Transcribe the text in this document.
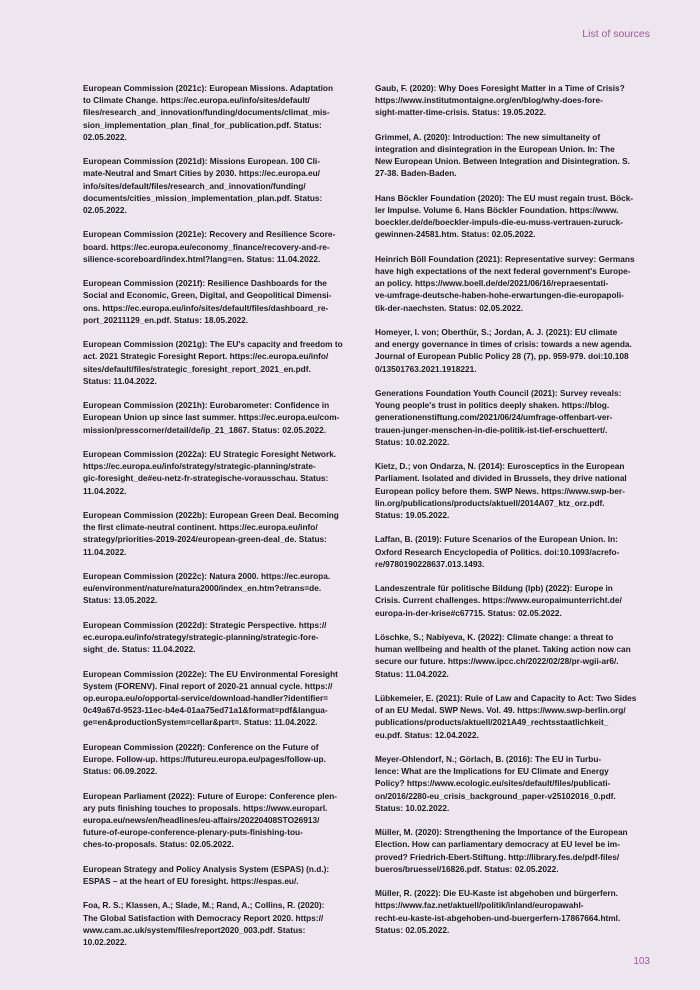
List of sources

European Commission (2021c): European Missions. Adaptation
to Climate Change. https://ec.europa.eu/info/sites/default/
files/research_and_innovation/funding/documents/climat_mis-
sion_implementation_plan_final_for_publication.pdf. Status:
02.05.2022.

European Commission (2021d): Missions European. 100 Cli-
mate-Neutral and Smart Cities by 2030. https://ec.europa.eu/
info/sites/default/files/research_and_innovation/funding/
documents/cities_mission_implementation_plan.pdf. Status:
02.05.2022.

European Commission (2021e): Recovery and Resilience Score-
board. https://ec.europa.eu/economy_finance/recovery-and-re-
silience-scoreboard/index.html?lang=en. Status: 11.04.2022.

European Commission (2021f): Resilience Dashboards for the
Social and Economic, Green, Digital, and Geopolitical Dimensi-
ons. https://ec.europa.eu/info/sites/default/files/dashboard_re-
port_20211129_en.pdf. Status: 18.05.2022.

European Commission (2021g): The EU's capacity and freedom to
act. 2021 Strategic Foresight Report. https://ec.europa.eu/info/
sites/default/files/strategic_foresight_report_2021_en.pdf.
Status: 11.04.2022.

European Commission (2021h): Eurobarometer: Confidence in
European Union up since last summer. https://ec.europa.eu/com-
mission/presscorner/detail/de/ip_21_1867. Status: 02.05.2022.

European Commission (2022a): EU Strategic Foresight Network.
https://ec.europa.eu/info/strategy/strategic-planning/strate-
gic-foresight_de#eu-netz-fr-strategische-vorausschau. Status:
11.04.2022.

European Commission (2022b): European Green Deal. Becoming
the first climate-neutral continent. https://ec.europa.eu/info/
strategy/priorities-2019-2024/european-green-deal_de. Status:
11.04.2022.

European Commission (2022c): Natura 2000. https://ec.europa.
eu/environment/nature/natura2000/index_en.htm?etrans=de.
Status: 13.05.2022.

European Commission (2022d): Strategic Perspective. https://
ec.europa.eu/info/strategy/strategic-planning/strategic-fore-
sight_de. Status: 11.04.2022.

European Commission (2022e): The EU Environmental Foresight
System (FORENV). Final report of 2020-21 annual cycle. https://
op.europa.eu/o/opportal-service/download-handler?identifier=
0c49a67d-9523-11ec-b4e4-01aa75ed71a1&format=pdf&langua-
ge=en&productionSystem=cellar&part=. Status: 11.04.2022.

European Commission (2022f): Conference on the Future of
Europe. Follow-up. https://futureu.europa.eu/pages/follow-up.
Status: 06.09.2022.

European Parliament (2022): Future of Europe: Conference plen-
ary puts finishing touches to proposals. https://www.europarl.
europa.eu/news/en/headlines/eu-affairs/20220408STO26913/
future-of-europe-conference-plenary-puts-finishing-tou-
ches-to-proposals. Status: 02.05.2022.

European Strategy and Policy Analysis System (ESPAS) (n.d.):
ESPAS – at the heart of EU foresight. https://espas.eu/.

Foa, R. S.; Klassen, A.; Slade, M.; Rand, A.; Collins, R. (2020):
The Global Satisfaction with Democracy Report 2020. https://
www.cam.ac.uk/system/files/report2020_003.pdf. Status:
10.02.2022.

Gaub, F. (2020): Why Does Foresight Matter in a Time of Crisis?
https://www.institutmontaigne.org/en/blog/why-does-fore-
sight-matter-time-crisis. Status: 19.05.2022.

Grimmel, A. (2020): Introduction: The new simultaneity of
integration and disintegration in the European Union. In: The
New European Union. Between Integration and Disintegration. S.
27-38. Baden-Baden.

Hans Böckler Foundation (2020): The EU must regain trust. Böck-
ler Impulse. Volume 6. Hans Böckler Foundation. https://www.
boeckler.de/de/boeckler-impuls-die-eu-muss-vertrauen-zuruck-
gewinnen-24581.htm. Status: 02.05.2022.

Heinrich Böll Foundation (2021): Representative survey: Germans
have high expectations of the next federal government's Europe-
an policy. https://www.boell.de/de/2021/06/16/repraesentati-
ve-umfrage-deutsche-haben-hohe-erwartungen-die-europapoli-
tik-der-naechsten. Status: 02.05.2022.

Homeyer, I. von; Oberthür, S.; Jordan, A. J. (2021): EU climate
and energy governance in times of crisis: towards a new agenda.
Journal of European Public Policy 28 (7), pp. 959-979. doi:10.108
0/13501763.2021.1918221.

Generations Foundation Youth Council (2021): Survey reveals:
Young people's trust in politics deeply shaken. https://blog.
generationenstiftung.com/2021/06/24/umfrage-offenbart-ver-
trauen-junger-menschen-in-die-politik-ist-tief-erschuettert/.
Status: 10.02.2022.

Kietz, D.; von Ondarza, N. (2014): Eurosceptics in the European
Parliament. Isolated and divided in Brussels, they drive national
European policy before them. SWP News. https://www.swp-ber-
lin.org/publications/products/aktuell/2014A07_ktz_orz.pdf.
Status: 19.05.2022.

Laffan, B. (2019): Future Scenarios of the European Union. In:
Oxford Research Encyclopedia of Politics. doi:10.1093/acrefo-
re/9780190228637.013.1493.

Landeszentrale für politische Bildung (lpb) (2022): Europe in
Crisis. Current challenges. https://www.europaimunterricht.de/
europa-in-der-krise#c67715. Status: 02.05.2022.

Löschke, S.; Nabiyeva, K. (2022): Climate change: a threat to
human wellbeing and health of the planet. Taking action now can
secure our future. https://www.ipcc.ch/2022/02/28/pr-wgii-ar6/.
Status: 11.04.2022.

Lübkemeier, E. (2021): Rule of Law and Capacity to Act: Two Sides
of an EU Medal. SWP News. Vol. 49. https://www.swp-berlin.org/
publications/products/aktuell/2021A49_rechtsstaatlichkeit_
eu.pdf. Status: 12.04.2022.

Meyer-Ohlendorf, N.; Görlach, B. (2016): The EU in Turbu-
lence: What are the Implications for EU Climate and Energy
Policy? https://www.ecologic.eu/sites/default/files/publicati-
on/2016/2280-eu_crisis_background_paper-v25102016_0.pdf.
Status: 10.02.2022.

Müller, M. (2020): Strengthening the Importance of the European
Election. How can parliamentary democracy at EU level be im-
proved? Friedrich-Ebert-Stiftung. http://library.fes.de/pdf-files/
bueros/bruessel/16826.pdf. Status: 02.05.2022.

Müller, R. (2022): Die EU-Kaste ist abgehoben und bürgerfern.
https://www.faz.net/aktuell/politik/inland/europawahl-
recht-eu-kaste-ist-abgehoben-und-buergerfern-17867664.html.
Status: 02.05.2022.

103
